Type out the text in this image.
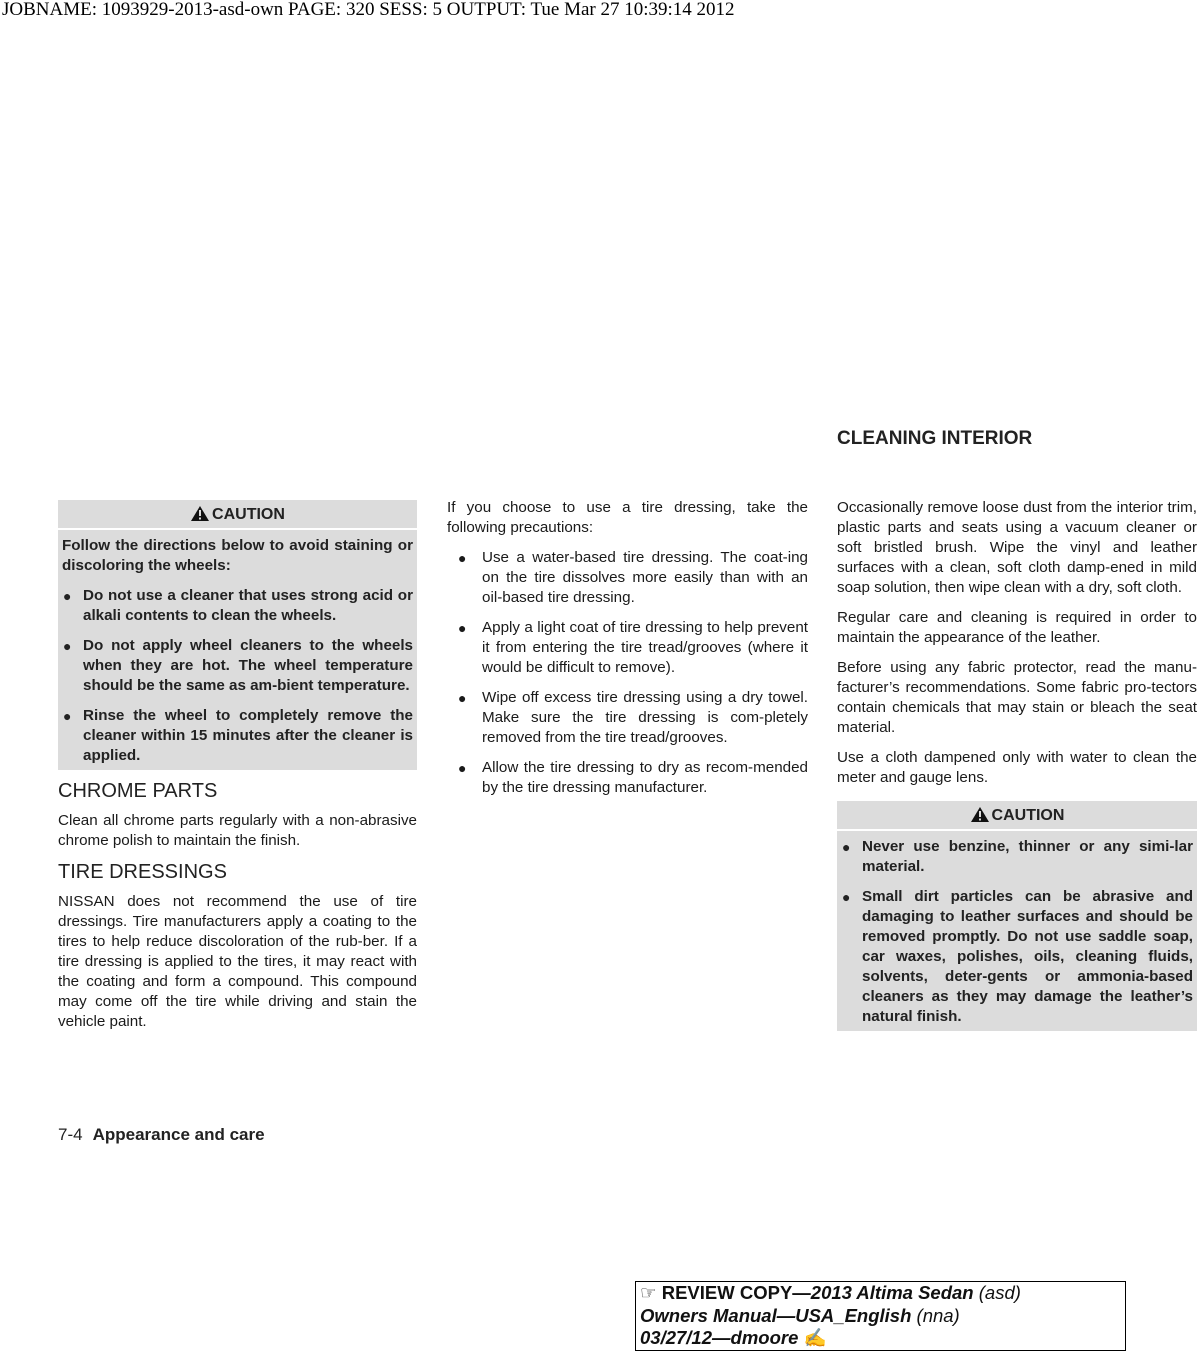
JOBNAME: 1093929-2013-asd-own PAGE: 320 SESS: 5 OUTPUT: Tue Mar 27 10:39:14 2012
CLEANING INTERIOR
CAUTION

Follow the directions below to avoid staining or discoloring the wheels:

● Do not use a cleaner that uses strong acid or alkali contents to clean the wheels.
● Do not apply wheel cleaners to the wheels when they are hot. The wheel temperature should be the same as am-bient temperature.
● Rinse the wheel to completely remove the cleaner within 15 minutes after the cleaner is applied.
CHROME PARTS

Clean all chrome parts regularly with a non-abrasive chrome polish to maintain the finish.

TIRE DRESSINGS

NISSAN does not recommend the use of tire dressings. Tire manufacturers apply a coating to the tires to help reduce discoloration of the rub-ber. If a tire dressing is applied to the tires, it may react with the coating and form a compound. This compound may come off the tire while driving and stain the vehicle paint.

If you choose to use a tire dressing, take the following precautions:

● Use a water-based tire dressing. The coat-ing on the tire dissolves more easily than with an oil-based tire dressing.
● Apply a light coat of tire dressing to help prevent it from entering the tire tread/grooves (where it would be difficult to remove).
● Wipe off excess tire dressing using a dry towel. Make sure the tire dressing is com-pletely removed from the tire tread/grooves.
● Allow the tire dressing to dry as recom-mended by the tire dressing manufacturer.

Occasionally remove loose dust from the interior trim, plastic parts and seats using a vacuum cleaner or soft bristled brush. Wipe the vinyl and leather surfaces with a clean, soft cloth damp-ened in mild soap solution, then wipe clean with a dry, soft cloth.

Regular care and cleaning is required in order to maintain the appearance of the leather.

Before using any fabric protector, read the manu-facturer’s recommendations. Some fabric pro-tectors contain chemicals that may stain or bleach the seat material.

Use a cloth dampened only with water to clean the meter and gauge lens.

CAUTION
● Never use benzine, thinner or any simi-lar material.
● Small dirt particles can be abrasive and damaging to leather surfaces and should be removed promptly. Do not use saddle soap, car waxes, polishes, oils, cleaning fluids, solvents, deter-gents or ammonia-based cleaners as they may damage the leather’s natural finish.
7-4 Appearance and care
☞ REVIEW COPY—2013 Altima Sedan (asd)
Owners Manual—USA_English (nna)
03/27/12—dmoore ✍
